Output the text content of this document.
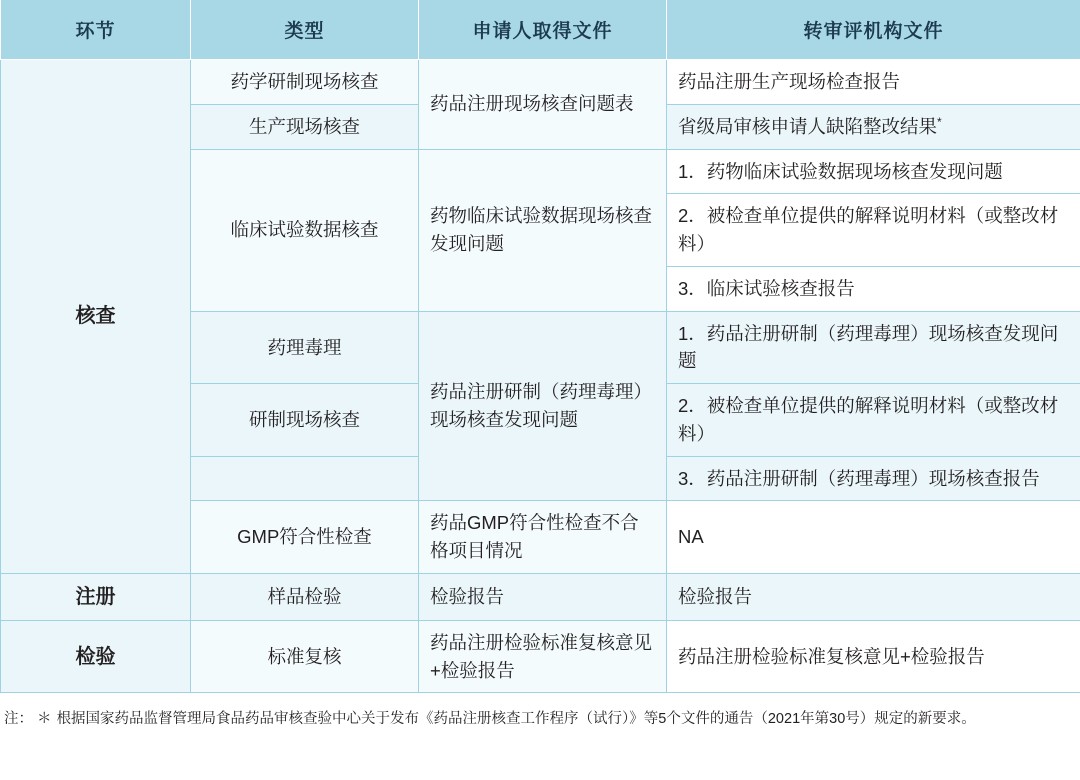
环节	类型	申请人取得文件	转审评机构文件
核查	药学研制现场核查	药品注册现场核查问题表	药品注册生产现场检查报告
	生产现场核查		省级局审核申请人缺陷整改结果*
	临床试验数据核查	药物临床试验数据现场核查发现问题	1．药物临床试验数据现场核查发现问题
			2．被检查单位提供的解释说明材料（或整改材料）
			3．临床试验核查报告
	药理毒理	药品注册研制（药理毒理）现场核查发现问题	1．药品注册研制（药理毒理）现场核查发现问题
	研制现场核查		2．被检查单位提供的解释说明材料（或整改材料）
			3．药品注册研制（药理毒理）现场核查报告
	GMP符合性检查	药品GMP符合性检查不合格项目情况	NA
注册	样品检验	检验报告	检验报告
检验	标准复核	药品注册检验标准复核意见+检验报告	药品注册检验标准复核意见+检验报告
注： ＊ 根据国家药品监督管理局食品药品审核查验中心关于发布《药品注册核查工作程序（试行）》等5个文件的通告（2021年第30号）规定的新要求。
